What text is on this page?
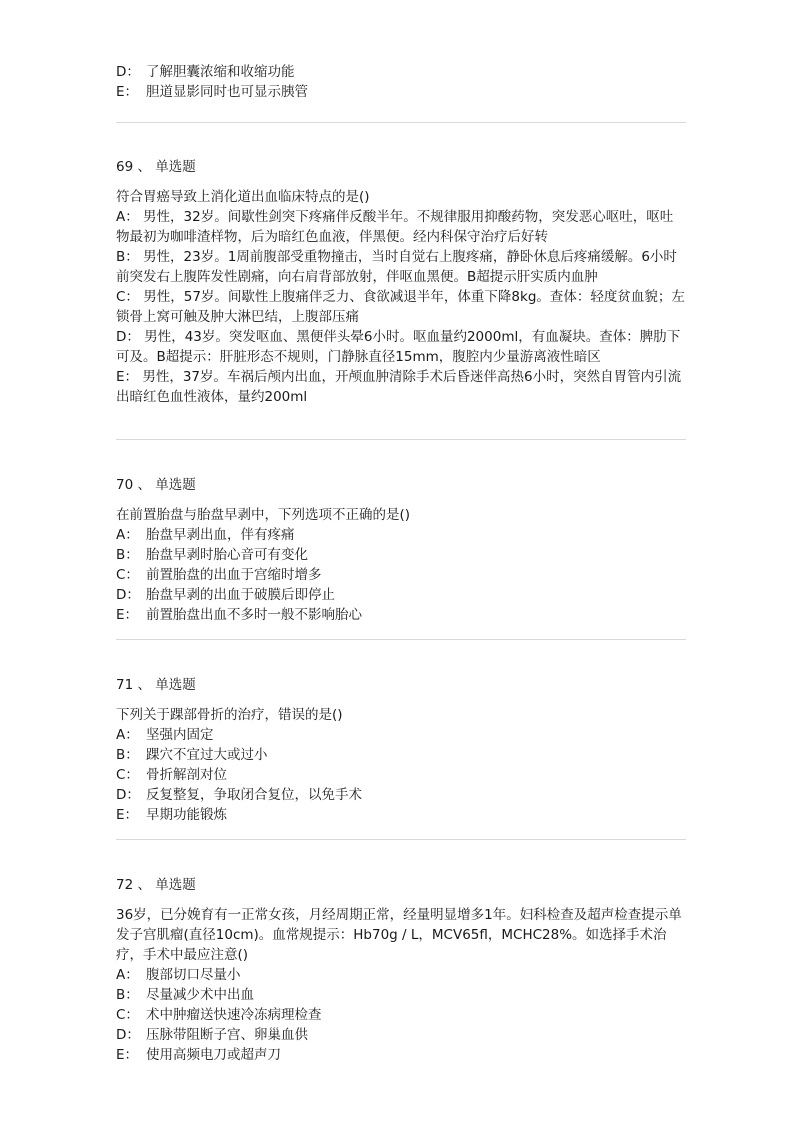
D： 了解胆囊浓缩和收缩功能
E： 胆道显影同时也可显示胰管
69 、 单选题
符合胃癌导致上消化道出血临床特点的是()
A： 男性，32岁。间歇性剑突下疼痛伴反酸半年。不规律服用抑酸药物，突发恶心呕吐，呕吐物最初为咖啡渣样物，后为暗红色血液，伴黑便。经内科保守治疗后好转
B： 男性，23岁。1周前腹部受重物撞击，当时自觉右上腹疼痛，静卧休息后疼痛缓解。6小时前突发右上腹阵发性剧痛，向右肩背部放射，伴呕血黑便。B超提示肝实质内血肿
C： 男性，57岁。间歇性上腹痛伴乏力、食欲减退半年，体重下降8kg。查体：轻度贫血貌；左锁骨上窝可触及肿大淋巴结，上腹部压痛
D： 男性，43岁。突发呕血、黑便伴头晕6小时。呕血量约2000ml，有血凝块。查体：脾肋下可及。B超提示：肝脏形态不规则，门静脉直径15mm，腹腔内少量游离液性暗区
E： 男性，37岁。车祸后颅内出血，开颅血肿清除手术后昏迷伴高热6小时，突然自胃管内引流出暗红色血性液体，量约200ml
70 、 单选题
在前置胎盘与胎盘早剥中，下列选项不正确的是()
A： 胎盘早剥出血，伴有疼痛
B： 胎盘早剥时胎心音可有变化
C： 前置胎盘的出血于宫缩时增多
D： 胎盘早剥的出血于破膜后即停止
E： 前置胎盘出血不多时一般不影响胎心
71 、 单选题
下列关于踝部骨折的治疗，错误的是()
A： 坚强内固定
B： 踝穴不宜过大或过小
C： 骨折解剖对位
D： 反复整复，争取闭合复位，以免手术
E： 早期功能锻炼
72 、 单选题
36岁，已分娩育有一正常女孩，月经周期正常，经量明显增多1年。妇科检查及超声检查提示单发子宫肌瘤(直径10cm)。血常规提示：Hb70g / L，MCV65fl，MCHC28%。如选择手术治疗，手术中最应注意()
A： 腹部切口尽量小
B： 尽量减少术中出血
C： 术中肿瘤送快速冷冻病理检查
D： 压脉带阻断子宫、卵巢血供
E： 使用高频电刀或超声刀
